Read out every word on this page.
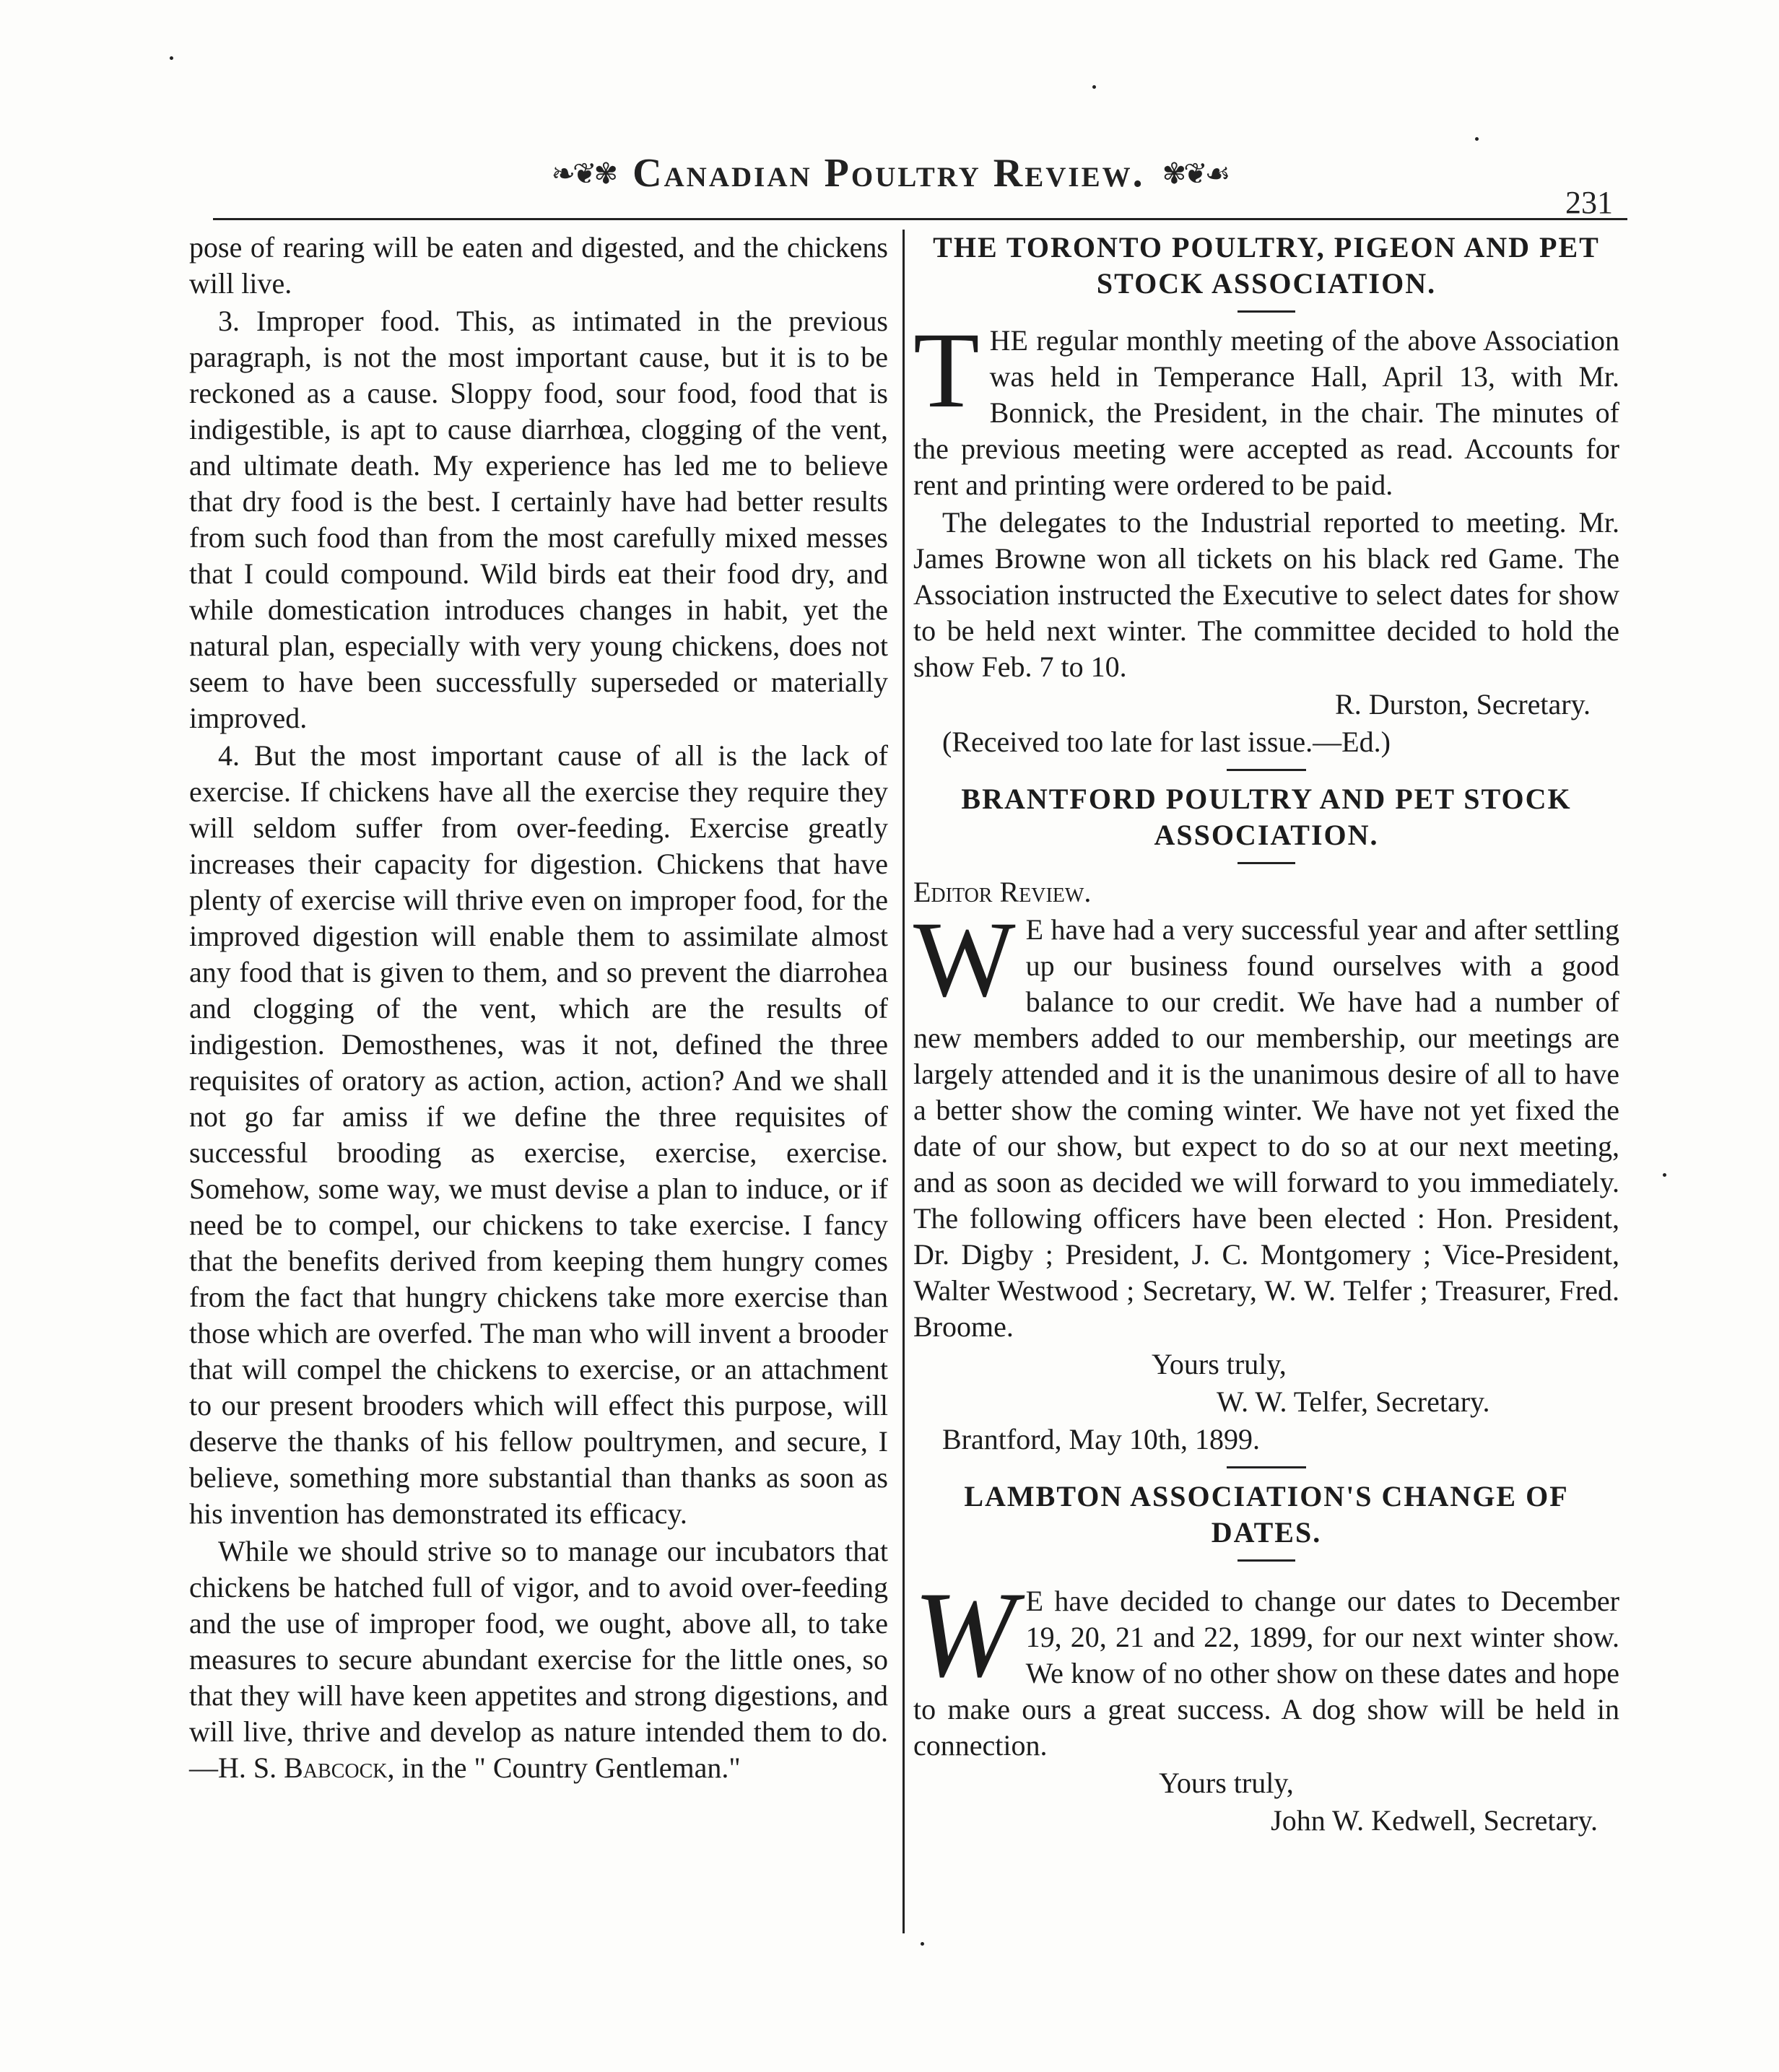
❧❦✾ Canadian Poultry Review. ✾❦☙
231

pose of rearing will be eaten and digested, and the chickens will live.

3. Improper food. This, as intimated in the previous paragraph, is not the most important cause, but it is to be reckoned as a cause. Sloppy food, sour food, food that is indigestible, is apt to cause diarrhœa, clogging of the vent, and ultimate death. My experience has led me to believe that dry food is the best. I certainly have had better results from such food than from the most carefully mixed messes that I could compound. Wild birds eat their food dry, and while domestication introduces changes in habit, yet the natural plan, especially with very young chickens, does not seem to have been successfully superseded or materially improved.

4. But the most important cause of all is the lack of exercise. If chickens have all the exercise they require they will seldom suffer from over-feeding. Exercise greatly increases their capacity for digestion. Chickens that have plenty of exercise will thrive even on improper food, for the improved digestion will enable them to assimilate almost any food that is given to them, and so prevent the diarrohea and clogging of the vent, which are the results of indigestion. Demosthenes, was it not, defined the three requisites of oratory as action, action, action? And we shall not go far amiss if we define the three requisites of successful brooding as exercise, exercise, exercise. Somehow, some way, we must devise a plan to induce, or if need be to compel, our chickens to take exercise. I fancy that the benefits derived from keeping them hungry comes from the fact that hungry chickens take more exercise than those which are overfed. The man who will invent a brooder that will compel the chickens to exercise, or an attachment to our present brooders which will effect this purpose, will deserve the thanks of his fellow poultrymen, and secure, I believe, something more substantial than thanks as soon as his invention has demonstrated its efficacy.

While we should strive so to manage our incubators that chickens be hatched full of vigor, and to avoid over-feeding and the use of improper food, we ought, above all, to take measures to secure abundant exercise for the little ones, so that they will have keen appetites and strong digestions, and will live, thrive and develop as nature intended them to do.—H. S. Babcock, in the " Country Gentleman."

THE TORONTO POULTRY, PIGEON AND PET STOCK ASSOCIATION.

THE regular monthly meeting of the above Association was held in Temperance Hall, April 13, with Mr. Bonnick, the President, in the chair. The minutes of the previous meeting were accepted as read. Accounts for rent and printing were ordered to be paid.

The delegates to the Industrial reported to meeting. Mr. James Browne won all tickets on his black red Game. The Association instructed the Executive to select dates for show to be held next winter. The committee decided to hold the show Feb. 7 to 10.

R. Durston, Secretary.

(Received too late for last issue.—Ed.)

BRANTFORD POULTRY AND PET STOCK ASSOCIATION.

Editor Review.

W E have had a very successful year and after settling up our business found ourselves with a good balance to our credit. We have had a number of new members added to our membership, our meetings are largely attended and it is the unanimous desire of all to have a better show the coming winter. We have not yet fixed the date of our show, but expect to do so at our next meeting, and as soon as decided we will forward to you immediately. The following officers have been elected : Hon. President, Dr. Digby ; President, J. C. Montgomery ; Vice-President, Walter Westwood ; Secretary, W. W. Telfer ; Treasurer, Fred. Broome.

Yours truly,

W. W. Telfer, Secretary.

Brantford, May 10th, 1899.

LAMBTON ASSOCIATION'S CHANGE OF DATES.

W E have decided to change our dates to December 19, 20, 21 and 22, 1899, for our next winter show. We know of no other show on these dates and hope to make ours a great success. A dog show will be held in connection.

Yours truly,

John W. Kedwell, Secretary.
